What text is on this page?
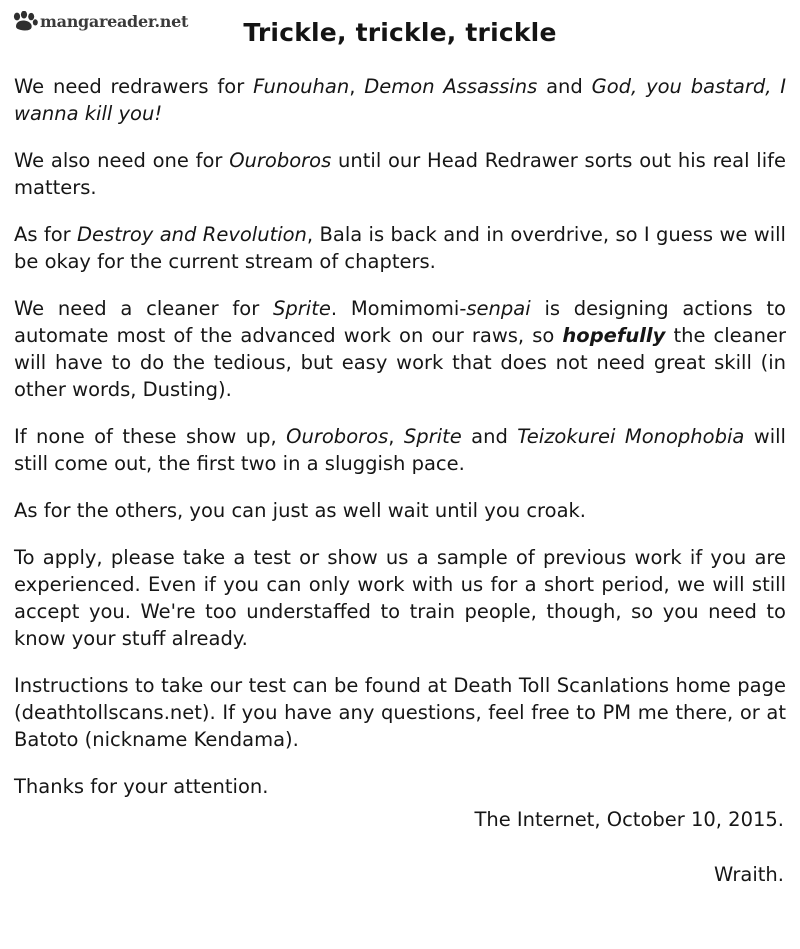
mangareader.net	Trickle, trickle, trickle

We need redrawers for Funouhan, Demon Assassins and God, you bastard, I wanna kill you!

We also need one for Ouroboros until our Head Redrawer sorts out his real life matters.

As for Destroy and Revolution, Bala is back and in overdrive, so I guess we will be okay for the current stream of chapters.

We need a cleaner for Sprite. Momimomi-senpai is designing actions to automate most of the advanced work on our raws, so hopefully the cleaner will have to do the tedious, but easy work that does not need great skill (in other words, Dusting).

If none of these show up, Ouroboros, Sprite and Teizokurei Monophobia will still come out, the first two in a sluggish pace.

As for the others, you can just as well wait until you croak.

To apply, please take a test or show us a sample of previous work if you are experienced. Even if you can only work with us for a short period, we will still accept you. We're too understaffed to train people, though, so you need to know your stuff already.

Instructions to take our test can be found at Death Toll Scanlations home page (deathtollscans.net). If you have any questions, feel free to PM me there, or at Batoto (nickname Kendama).

Thanks for your attention.

The Internet, October 10, 2015.

Wraith.
